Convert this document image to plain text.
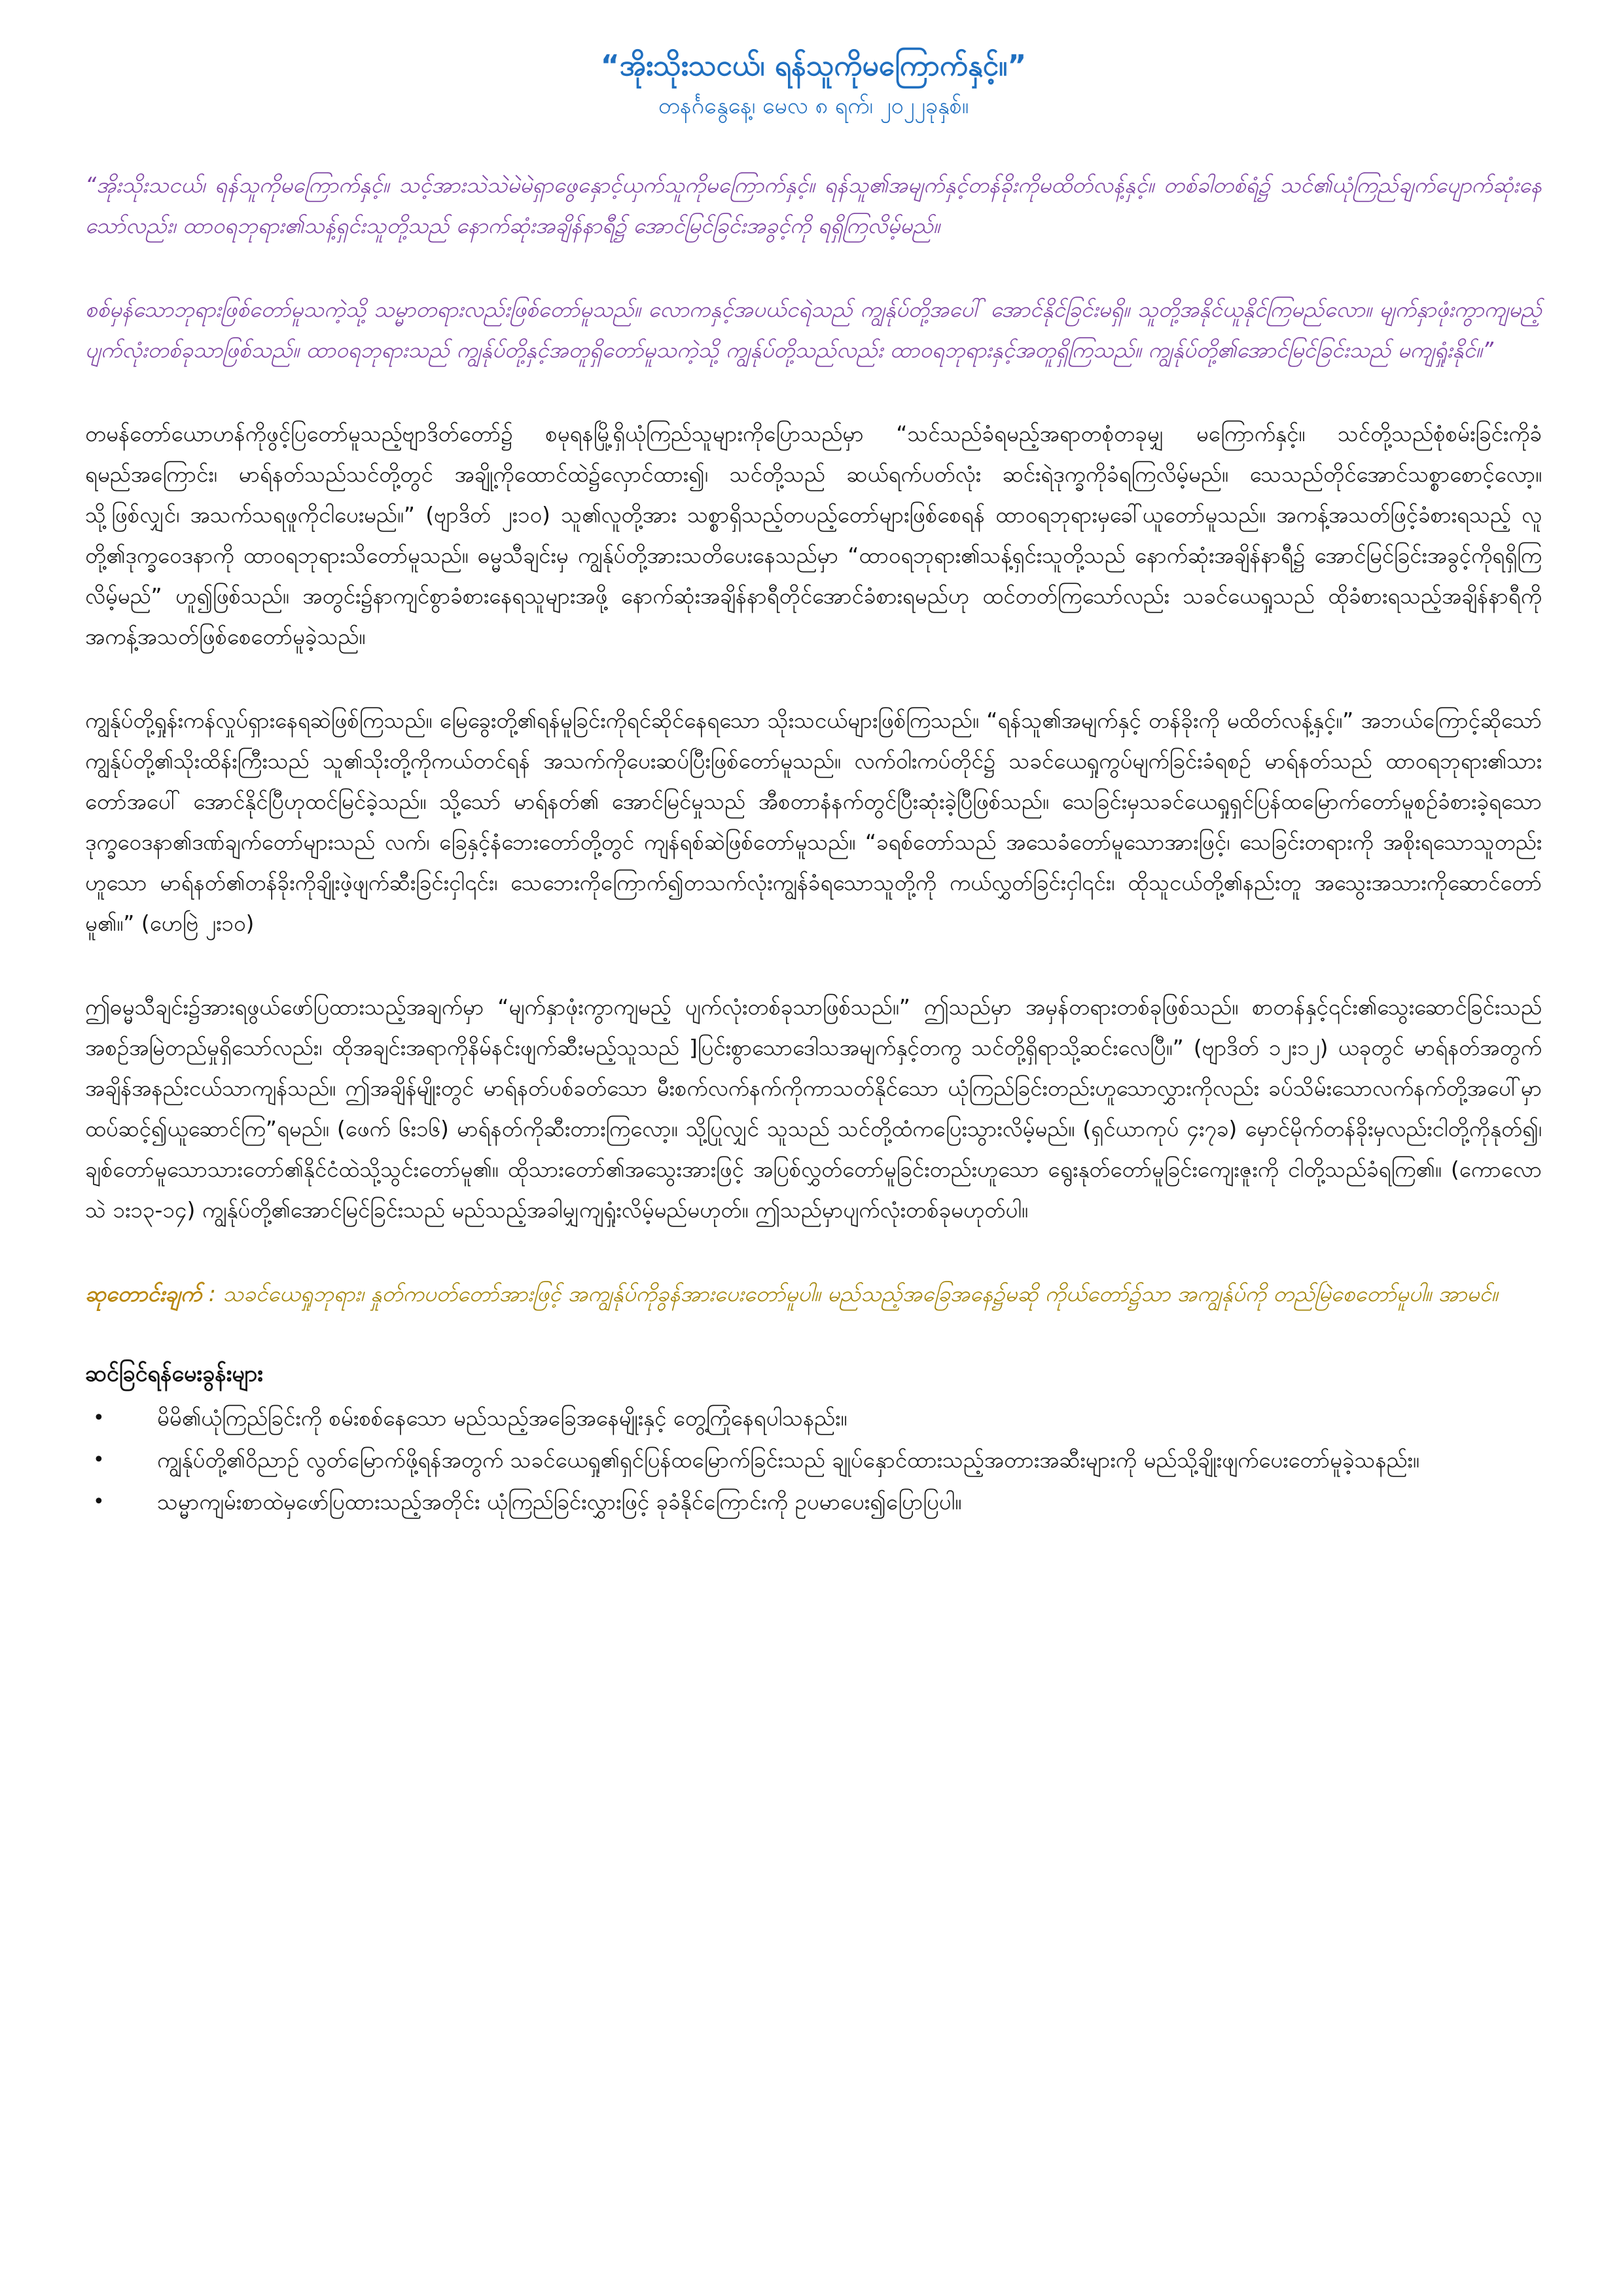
“အိုးသိုးသငယ်၊ ရန်သူကိုမကြောက်နှင့်။”

တနင်္ဂနွေနေ့၊ မေလ ၈ ရက်၊ ၂၀၂၂ခုနှစ်။

“အိုးသိုးသငယ်၊ ရန်သူကိုမကြောက်နှင့်။ သင့်အားသဲသဲမဲမဲရှာဖွေနှောင့်ယှက်သူကိုမကြောက်နှင့်။ ရန်သူ၏အမျက်နှင့်တန်ခိုးကိုမထိတ်လန့်နှင့်။ တစ်ခါတစ်ရံ၌ သင်၏ယုံကြည်ချက်ပျောက်ဆုံးနေသော်လည်း၊ ထာဝရဘုရား၏သန့်ရှင်းသူတို့သည် နောက်ဆုံးအချိန်နာရီ၌ အောင်မြင်ခြင်းအခွင့်ကို ရရှိကြလိမ့်မည်။

စစ်မှန်သောဘုရားဖြစ်တော်မူသကဲ့သို့ သမ္မာတရားလည်းဖြစ်တော်မူသည်။ လောကနှင့်အပယ်ငရဲသည် ကျွန်ုပ်တို့အပေါ် အောင်နိုင်ခြင်းမရှိ။ သူတို့အနိုင်ယူနိုင်ကြမည်လော။ မျက်နှာဖုံးကွာကျမည့်ပျက်လုံးတစ်ခုသာဖြစ်သည်။ ထာဝရဘုရားသည် ကျွန်ုပ်တို့နှင့်အတူရှိတော်မူသကဲ့သို့ ကျွန်ုပ်တို့သည်လည်း ထာဝရဘုရားနှင့်အတူရှိကြသည်။ ကျွန်ုပ်တို့၏အောင်မြင်ခြင်းသည် မကျရှုံးနိုင်။”

တမန်တော်ယောဟန်ကိုဖွင့်ပြတော်မူသည့်ဗျာဒိတ်တော်၌ စမုရနမြို့ရှိယုံကြည်သူများကိုပြောသည်မှာ “သင်သည်ခံရမည့်အရာတစုံတခုမျှ မကြောက်နှင့်။ သင်တို့သည်စုံစမ်းခြင်းကိုခံရမည်အကြောင်း၊ မာရ်နတ်သည်သင်တို့တွင် အချို့ကိုထောင်ထဲ၌လှောင်ထား၍၊ သင်တို့သည် ဆယ်ရက်ပတ်လုံး ဆင်းရဲဒုက္ခကိုခံရကြလိမ့်မည်။ သေသည်တိုင်အောင်သစ္စာစောင့်လော့။ သို့ဖြစ်လျှင်၊ အသက်သရဖူကိုငါပေးမည်။” (ဗျာဒိတ် ၂း၁၀) သူ၏လူတို့အား သစ္စာရှိသည့်တပည့်တော်များဖြစ်စေရန် ထာဝရဘုရားမှခေါ်ယူတော်မူသည်။ အကန့်အသတ်ဖြင့်ခံစားရသည့် လူတို့၏ဒုက္ခဝေဒနာကို ထာဝရဘုရားသိတော်မူသည်။ ဓမ္မသီချင်းမှ ကျွန်ုပ်တို့အားသတိပေးနေသည်မှာ “ထာဝရဘုရား၏သန့်ရှင်းသူတို့သည် နောက်ဆုံးအချိန်နာရီ၌ အောင်မြင်ခြင်းအခွင့်ကိုရရှိကြလိမ့်မည်” ဟူ၍ဖြစ်သည်။ အတွင်း၌နာကျင်စွာခံစားနေရသူများအဖို့ နောက်ဆုံးအချိန်နာရီတိုင်အောင်ခံစားရမည်ဟု ထင်တတ်ကြသော်လည်း သခင်ယေရှုသည် ထိုခံစားရသည့်အချိန်နာရီကို အကန့်အသတ်ဖြစ်စေတော်မူခဲ့သည်။

ကျွန်ုပ်တို့ရှုန်းကန်လှုပ်ရှားနေရဆဲဖြစ်ကြသည်။ မြေခွေးတို့၏ရန်မူခြင်းကိုရင်ဆိုင်နေရသော သိုးသငယ်များဖြစ်ကြသည်။ “ရန်သူ၏အမျက်နှင့် တန်ခိုးကို မထိတ်လန့်နှင့်။” အဘယ်ကြောင့်ဆိုသော် ကျွန်ုပ်တို့၏သိုးထိန်းကြီးသည် သူ၏သိုးတို့ကိုကယ်တင်ရန် အသက်ကိုပေးဆပ်ပြီးဖြစ်တော်မူသည်။ လက်ဝါးကပ်တိုင်၌ သခင်ယေရှုကွပ်မျက်ခြင်းခံရစဉ် မာရ်နတ်သည် ထာဝရဘုရား၏သားတော်အပေါ် အောင်နိုင်ပြီဟုထင်မြင်ခဲ့သည်။ သို့သော် မာရ်နတ်၏ အောင်မြင်မှုသည် အီစတာနံနက်တွင်ပြီးဆုံးခဲ့ပြီဖြစ်သည်။ သေခြင်းမှသခင်ယေရှုရှင်ပြန်ထမြောက်တော်မူစဉ်ခံစားခဲ့ရသော ဒုက္ခဝေဒနာ၏ဒဏ်ချက်တော်များသည် လက်၊ ခြေနှင့်နံဘေးတော်တို့တွင် ကျန်ရစ်ဆဲဖြစ်တော်မူသည်။ “ခရစ်တော်သည် အသေခံတော်မူသောအားဖြင့်၊ သေခြင်းတရားကို အစိုးရသောသူတည်းဟူသော မာရ်နတ်၏တန်ခိုးကိုချိုးဖဲ့ဖျက်ဆီးခြင်းငှါ၎င်း၊ သေဘေးကိုကြောက်၍တသက်လုံးကျွန်ခံရသောသူတို့ကို ကယ်လွှတ်ခြင်းငှါ၎င်း၊ ထိုသူငယ်တို့၏နည်းတူ အသွေးအသားကိုဆောင်တော်မူ၏။” (ဟေဗြဲ ၂း၁၀)

ဤဓမ္မသီချင်း၌အားရဖွယ်ဖော်ပြထားသည့်အချက်မှာ “မျက်နှာဖုံးကွာကျမည့် ပျက်လုံးတစ်ခုသာဖြစ်သည်။” ဤသည်မှာ အမှန်တရားတစ်ခုဖြစ်သည်။ စာတန်နှင့်၎င်း၏သွေးဆောင်ခြင်းသည် အစဉ်အမြဲတည်မှုရှိသော်လည်း၊ ထိုအချင်းအရာကိုနိမ်နင်းဖျက်ဆီးမည့်သူသည် ]ပြင်းစွာသောဒေါသအမျက်နှင့်တကွ သင်တို့ရှိရာသို့ဆင်းလေပြီ။” (ဗျာဒိတ် ၁၂း၁၂) ယခုတွင် မာရ်နတ်အတွက် အချိန်အနည်းငယ်သာကျန်သည်။ ဤအချိန်မျိုးတွင် မာရ်နတ်ပစ်ခတ်သော မီးစက်လက်နက်ကိုကာသတ်နိုင်သော ယုံကြည်ခြင်းတည်းဟူသောလွှားကိုလည်း ခပ်သိမ်းသောလက်နက်တို့အပေါ်မှာ ထပ်ဆင့်၍ယူဆောင်ကြ”ရမည်။ (ဖေက် ၆း၁၆) မာရ်နတ်ကိုဆီးတားကြလော့။ သို့ပြုလျှင် သူသည် သင်တို့ထံကပြေးသွားလိမ့်မည်။ (ရှင်ယာကုပ် ၄း၇ခ) မှောင်မိုက်တန်ခိုးမှလည်းငါတို့ကိုနုတ်၍၊ ချစ်တော်မူသောသားတော်၏နိုင်ငံထဲသို့သွင်းတော်မူ၏။ ထိုသားတော်၏အသွေးအားဖြင့် အပြစ်လွှတ်တော်မူခြင်းတည်းဟူသော ရွေးနုတ်တော်မူခြင်းကျေးဇူးကို ငါတို့သည်ခံရကြ၏။ (ကောလောသဲ ၁း၁၃-၁၄) ကျွန်ုပ်တို့၏အောင်မြင်ခြင်းသည် မည်သည့်အခါမျှကျရှုံးလိမ့်မည်မဟုတ်။ ဤသည်မှာပျက်လုံးတစ်ခုမဟုတ်ပါ။

ဆုတောင်းချက် : သခင်ယေရှုဘုရား၊ နှုတ်ကပတ်တော်အားဖြင့် အကျွန်ုပ်ကိုခွန်အားပေးတော်မူပါ။ မည်သည့်အခြေအနေ၌မဆို ကိုယ်တော်၌သာ အကျွန်ုပ်ကို တည်မြဲစေတော်မူပါ။ အာမင်။

ဆင်ခြင်ရန်မေးခွန်းများ

• မိမိ၏ယုံကြည်ခြင်းကို စမ်းစစ်နေသော မည်သည့်အခြေအနေမျိုးနှင့် တွေ့ကြုံနေရပါသနည်း။
• ကျွန်ုပ်တို့၏ဝိညာဉ် လွတ်မြောက်ဖို့ရန်အတွက် သခင်ယေရှု၏ရှင်ပြန်ထမြောက်ခြင်းသည် ချုပ်နှောင်ထားသည့်အတားအဆီးများကို မည်သို့ချိုးဖျက်ပေးတော်မူခဲ့သနည်း။
• သမ္မာကျမ်းစာထဲမှဖော်ပြထားသည့်အတိုင်း ယုံကြည်ခြင်းလွှားဖြင့် ခုခံနိုင်ကြောင်းကို ဥပမာပေး၍ပြောပြပါ။
